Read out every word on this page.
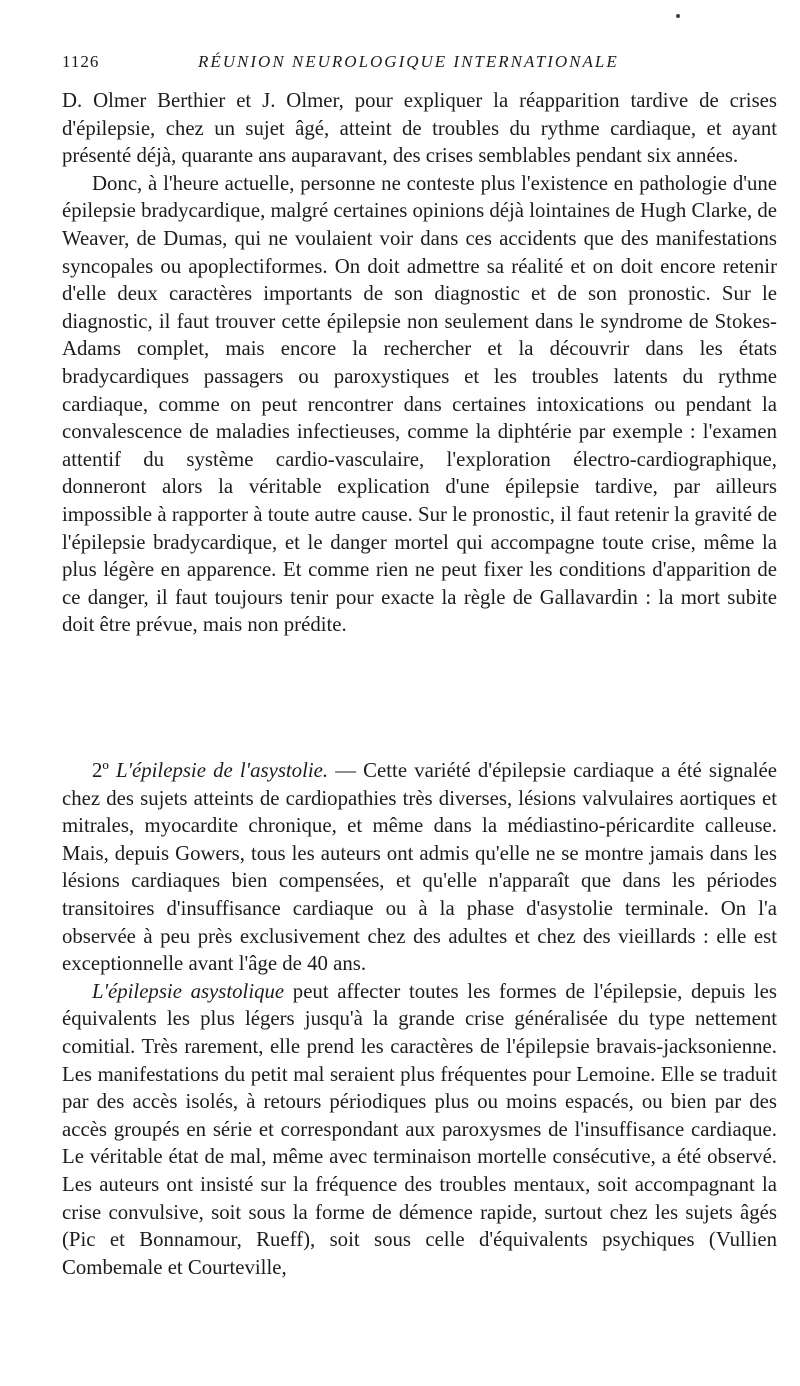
1126	RÉUNION NEUROLOGIQUE INTERNATIONALE

D. Olmer Berthier et J. Olmer, pour expliquer la réapparition tardive de crises d'épilepsie, chez un sujet âgé, atteint de troubles du rythme cardiaque, et ayant présenté déjà, quarante ans auparavant, des crises semblables pendant six années.

Donc, à l'heure actuelle, personne ne conteste plus l'existence en pathologie d'une épilepsie bradycardique, malgré certaines opinions déjà lointaines de Hugh Clarke, de Weaver, de Dumas, qui ne voulaient voir dans ces accidents que des manifestations syncopales ou apoplectiformes. On doit admettre sa réalité et on doit encore retenir d'elle deux caractères importants de son diagnostic et de son pronostic. Sur le diagnostic, il faut trouver cette épilepsie non seulement dans le syndrome de Stokes-Adams complet, mais encore la rechercher et la découvrir dans les états bradycardiques passagers ou paroxystiques et les troubles latents du rythme cardiaque, comme on peut rencontrer dans certaines intoxications ou pendant la convalescence de maladies infectieuses, comme la diphtérie par exemple : l'examen attentif du système cardio-vasculaire, l'exploration électro-cardiographique, donneront alors la véritable explication d'une épilepsie tardive, par ailleurs impossible à rapporter à toute autre cause. Sur le pronostic, il faut retenir la gravité de l'épilepsie bradycardique, et le danger mortel qui accompagne toute crise, même la plus légère en apparence. Et comme rien ne peut fixer les conditions d'apparition de ce danger, il faut toujours tenir pour exacte la règle de Gallavardin : la mort subite doit être prévue, mais non prédite.

2º L'épilepsie de l'asystolie. — Cette variété d'épilepsie cardiaque a été signalée chez des sujets atteints de cardiopathies très diverses, lésions valvulaires aortiques et mitrales, myocardite chronique, et même dans la médiastino-péricardite calleuse. Mais, depuis Gowers, tous les auteurs ont admis qu'elle ne se montre jamais dans les lésions cardiaques bien compensées, et qu'elle n'apparaît que dans les périodes transitoires d'insuffisance cardiaque ou à la phase d'asystolie terminale. On l'a observée à peu près exclusivement chez des adultes et chez des vieillards : elle est exceptionnelle avant l'âge de 40 ans.

L'épilepsie asystolique peut affecter toutes les formes de l'épilepsie, depuis les équivalents les plus légers jusqu'à la grande crise généralisée du type nettement comitial. Très rarement, elle prend les caractères de l'épilepsie bravais-jacksonienne. Les manifestations du petit mal seraient plus fréquentes pour Lemoine. Elle se traduit par des accès isolés, à retours périodiques plus ou moins espacés, ou bien par des accès groupés en série et correspondant aux paroxysmes de l'insuffisance cardiaque. Le véritable état de mal, même avec terminaison mortelle consécutive, a été observé. Les auteurs ont insisté sur la fréquence des troubles mentaux, soit accompagnant la crise convulsive, soit sous la forme de démence rapide, surtout chez les sujets âgés (Pic et Bonnamour, Rueff), soit sous celle d'équivalents psychiques (Vullien Combemale et Courteville,
